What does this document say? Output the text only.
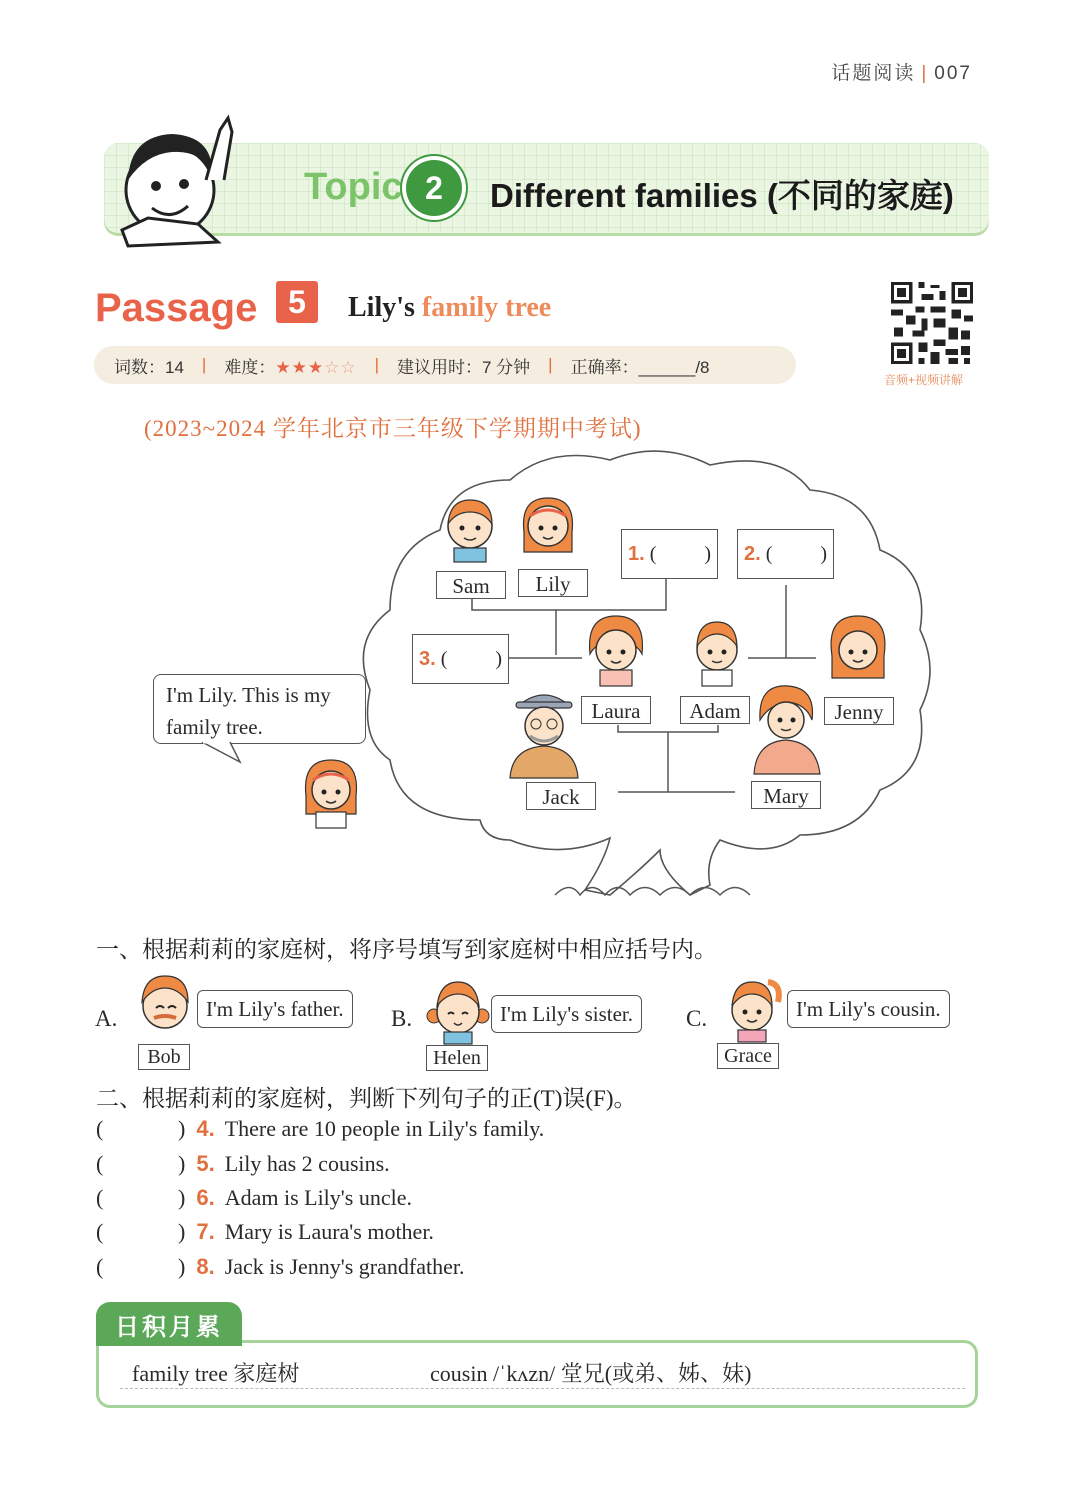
话题阅读 | 007
Topic 2	Different families (不同的家庭)
Passage 5	Lily's family tree
词数：14 | 难度：★★★☆☆ | 建议用时：7 分钟 | 正确率：______/8
音频+视频讲解
(2023~2024 学年北京市三年级下学期期中考试)
Sam	Lily
Laura	Adam	Jenny
Jack	Mary
1.
( ) 2.
( )
3.
( )
I'm Lily. This is my family tree.
一、根据莉莉的家庭树，将序号填写到家庭树中相应括号内。
A.
Bob
I'm Lily's father.	B.
Helen
I'm Lily's sister.	C.
Grace
I'm Lily's cousin.
二、根据莉莉的家庭树，判断下列句子的正(T)误(F)。
(	) 4. There are 10 people in Lily's family.
(	) 5. Lily has 2 cousins.
(	) 6. Adam is Lily's uncle.
(	) 7. Mary is Laura's mother.
(	) 8. Jack is Jenny's grandfather.
日积月累
family tree 家庭树	cousin /ˈkʌzn/ 堂兄(或弟、姊、妹)
